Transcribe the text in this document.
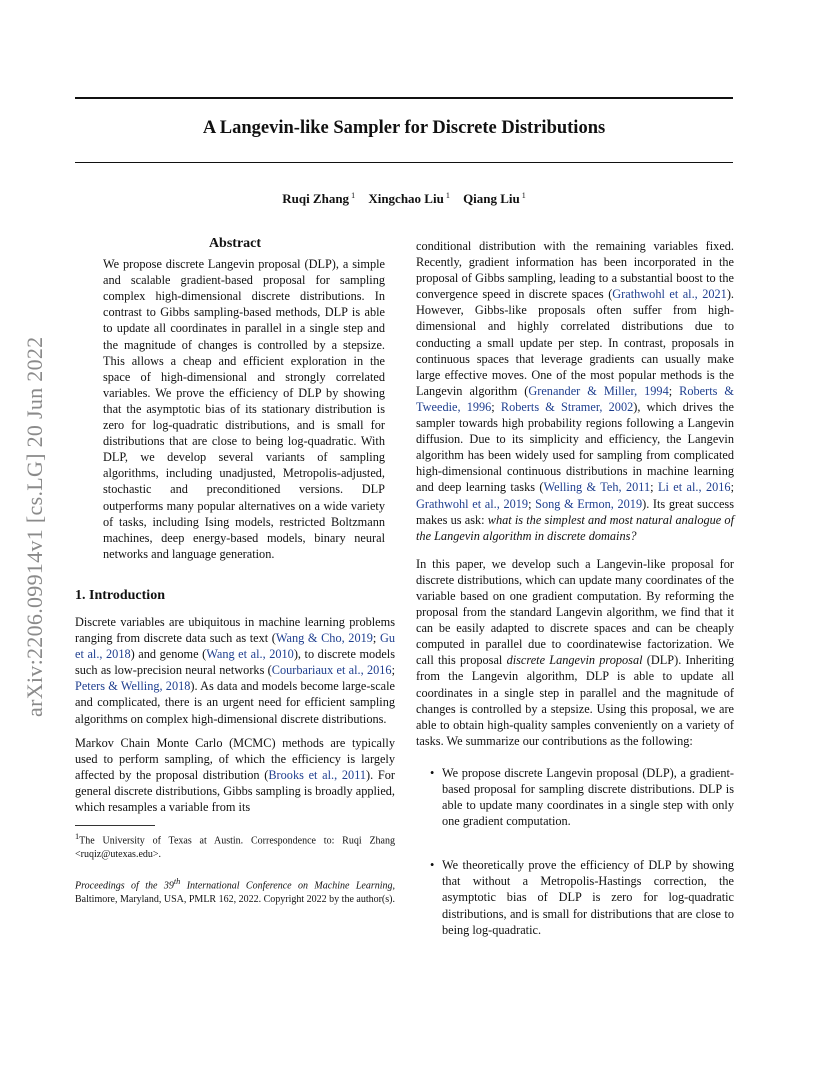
arXiv:2206.09914v1 [cs.LG] 20 Jun 2022
A Langevin-like Sampler for Discrete Distributions
Ruqi Zhang $^1$ Xingchao Liu $^1$ Qiang Liu $^1$
Abstract
We propose discrete Langevin proposal (DLP), a simple and scalable gradient-based proposal for sampling complex high-dimensional discrete distributions. In contrast to Gibbs sampling-based methods, DLP is able to update all coordinates in parallel in a single step and the magnitude of changes is controlled by a stepsize. This allows a cheap and efficient exploration in the space of high-dimensional and strongly correlated variables. We prove the efficiency of DLP by showing that the asymptotic bias of its stationary distribution is zero for log-quadratic distributions, and is small for distributions that are close to being log-quadratic. With DLP, we develop several variants of sampling algorithms, including unadjusted, Metropolis-adjusted, stochastic and preconditioned versions. DLP outperforms many popular alternatives on a wide variety of tasks, including Ising models, restricted Boltzmann machines, deep energy-based models, binary neural networks and language generation.
1. Introduction

Discrete variables are ubiquitous in machine learning problems ranging from discrete data such as text (Wang & Cho, 2019; Gu et al., 2018) and genome (Wang et al., 2010), to discrete models such as low-precision neural networks (Courbariaux et al., 2016; Peters & Welling, 2018). As data and models become large-scale and complicated, there is an urgent need for efficient sampling algorithms on complex high-dimensional discrete distributions.

Markov Chain Monte Carlo (MCMC) methods are typically used to perform sampling, of which the efficiency is largely affected by the proposal distribution (Brooks et al., 2011). For general discrete distributions, Gibbs sampling is broadly applied, which resamples a variable from its

$^1$The University of Texas at Austin. Correspondence to: Ruqi Zhang <ruqiz@utexas.edu>.

Proceedings of the 39th International Conference on Machine Learning, Baltimore, Maryland, USA, PMLR 162, 2022. Copyright 2022 by the author(s).

conditional distribution with the remaining variables fixed. Recently, gradient information has been incorporated in the proposal of Gibbs sampling, leading to a substantial boost to the convergence speed in discrete spaces (Grathwohl et al., 2021). However, Gibbs-like proposals often suffer from high-dimensional and highly correlated distributions due to conducting a small update per step. In contrast, proposals in continuous spaces that leverage gradients can usually make large effective moves. One of the most popular methods is the Langevin algorithm (Grenander & Miller, 1994; Roberts & Tweedie, 1996; Roberts & Stramer, 2002), which drives the sampler towards high probability regions following a Langevin diffusion. Due to its simplicity and efficiency, the Langevin algorithm has been widely used for sampling from complicated high-dimensional continuous distributions in machine learning and deep learning tasks (Welling & Teh, 2011; Li et al., 2016; Grathwohl et al., 2019; Song & Ermon, 2019). Its great success makes us ask: what is the simplest and most natural analogue of the Langevin algorithm in discrete domains?

In this paper, we develop such a Langevin-like proposal for discrete distributions, which can update many coordinates of the variable based on one gradient computation. By reforming the proposal from the standard Langevin algorithm, we find that it can be easily adapted to discrete spaces and can be cheaply computed in parallel due to coordinatewise factorization. We call this proposal discrete Langevin proposal (DLP). Inheriting from the Langevin algorithm, DLP is able to update all coordinates in a single step in parallel and the magnitude of changes is controlled by a stepsize. Using this proposal, we are able to obtain high-quality samples conveniently on a variety of tasks. We summarize our contributions as the following:

• We propose discrete Langevin proposal (DLP), a gradient-based proposal for sampling discrete distributions. DLP is able to update many coordinates in a single step with only one gradient computation.
• We theoretically prove the efficiency of DLP by showing that without a Metropolis-Hastings correction, the asymptotic bias of DLP is zero for log-quadratic distributions, and is small for distributions that are close to being log-quadratic.
